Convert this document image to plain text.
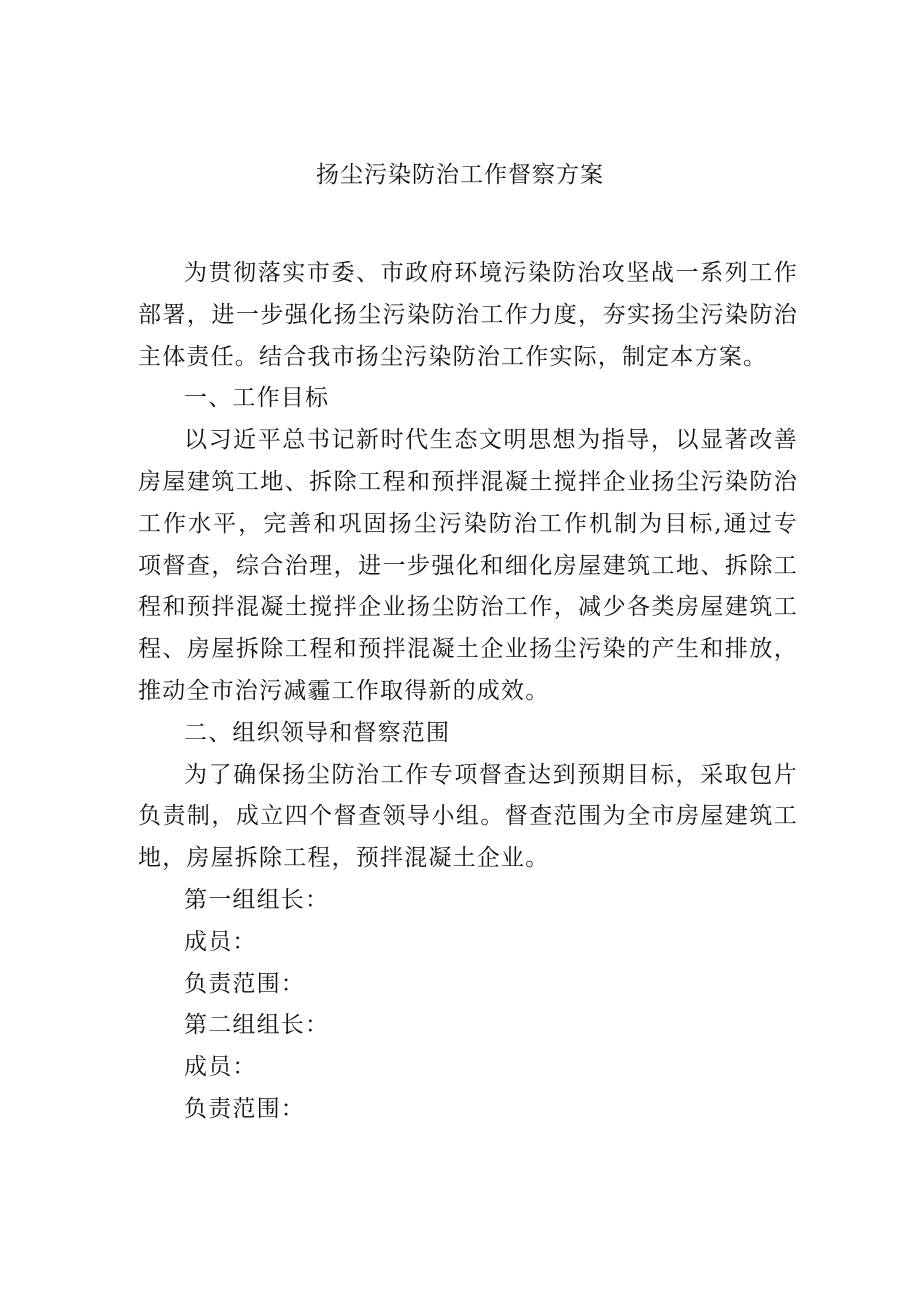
扬尘污染防治工作督察方案

为贯彻落实市委、市政府环境污染防治攻坚战一系列工作部署，进一步强化扬尘污染防治工作力度，夯实扬尘污染防治主体责任。结合我市扬尘污染防治工作实际，制定本方案。

一、工作目标

以习近平总书记新时代生态文明思想为指导，以显著改善房屋建筑工地、拆除工程和预拌混凝土搅拌企业扬尘污染防治工作水平，完善和巩固扬尘污染防治工作机制为目标,通过专项督查，综合治理，进一步强化和细化房屋建筑工地、拆除工程和预拌混凝土搅拌企业扬尘防治工作，减少各类房屋建筑工程、房屋拆除工程和预拌混凝土企业扬尘污染的产生和排放，推动全市治污减霾工作取得新的成效。

二、组织领导和督察范围

为了确保扬尘防治工作专项督查达到预期目标，采取包片负责制，成立四个督查领导小组。督查范围为全市房屋建筑工地，房屋拆除工程，预拌混凝土企业。

第一组组长：

成员：

负责范围：

第二组组长：

成员：

负责范围：
